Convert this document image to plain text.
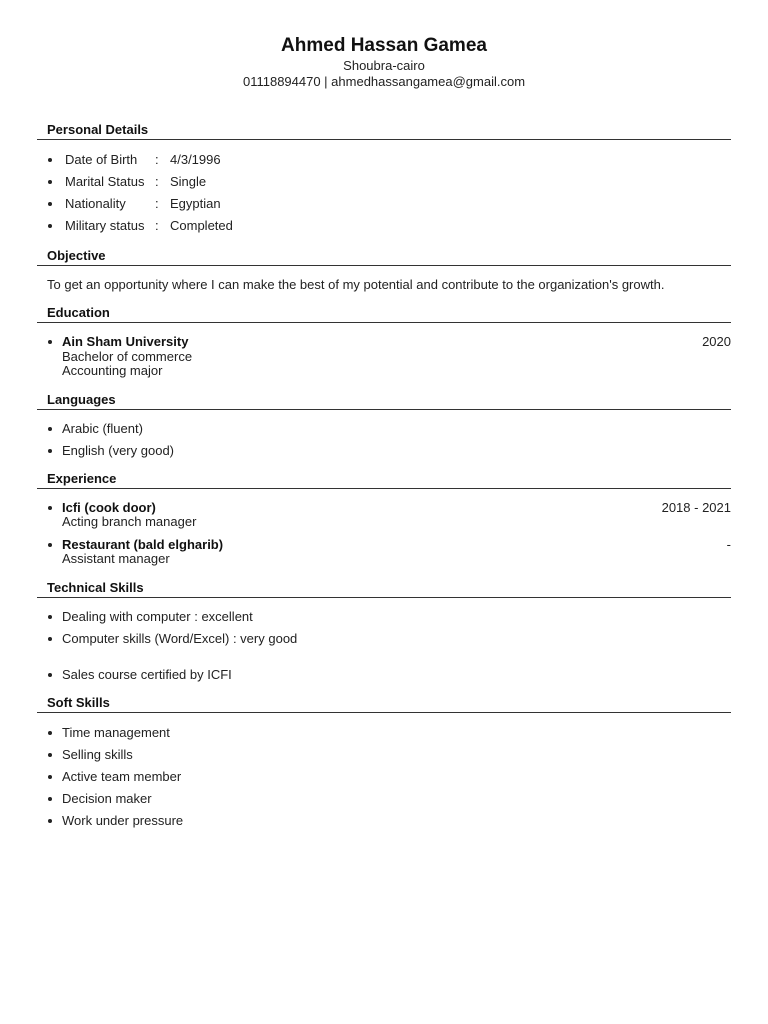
Ahmed Hassan Gamea
Shoubra-cairo
01118894470 | ahmedhassangamea@gmail.com
Personal Details
Date of Birth : 4/3/1996
Marital Status : Single
Nationality : Egyptian
Military status : Completed
Objective
To get an opportunity where I can make the best of my potential and contribute to the organization's growth.
Education
Ain Sham University
Bachelor of commerce
Accounting major
2020
Languages
Arabic (fluent)
English (very good)
Experience
Icfi (cook door)
Acting branch manager
2018 - 2021
Restaurant (bald elgharib)
Assistant manager
-
Technical Skills
Dealing with computer : excellent
Computer skills (Word/Excel) : very good
Sales course certified by ICFI
Soft Skills
Time management
Selling skills
Active team member
Decision maker
Work under pressure
